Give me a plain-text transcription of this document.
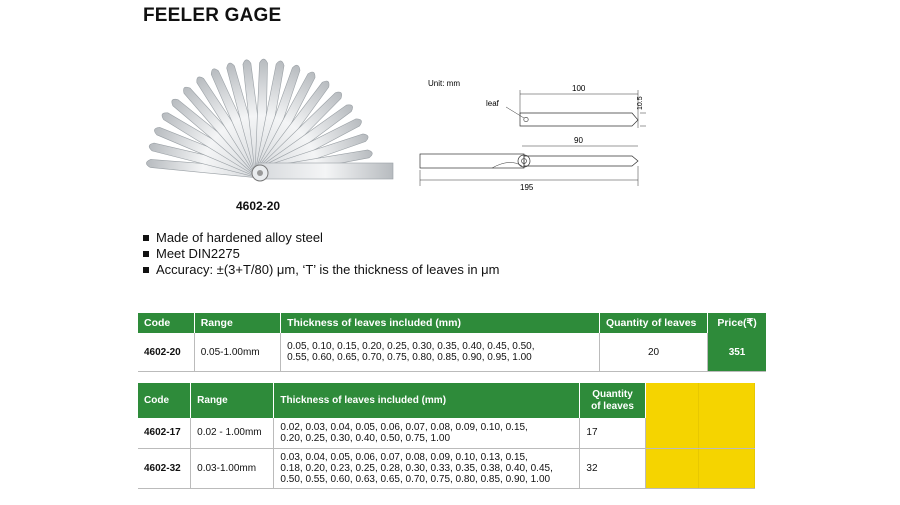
FEELER GAGE
4602-20
Unit: mm
leaf
100
10.5
90
195
Made of hardened alloy steel
Meet DIN2275
Accuracy: ±(3+T/80) μm, ‘T’ is the thickness of leaves in μm
Code	Range	Thickness of leaves included (mm)	Quantity of leaves	Price(₹)
4602-20	0.05-1.00mm	0.05, 0.10, 0.15, 0.20, 0.25, 0.30, 0.35, 0.40, 0.45, 0.50,
0.55, 0.60, 0.65, 0.70, 0.75, 0.80, 0.85, 0.90, 0.95, 1.00	20	351
Code	Range	Thickness of leaves included (mm)	Quantity
of leaves		

4602-17	0.02 - 1.00mm	0.02, 0.03, 0.04, 0.05, 0.06, 0.07, 0.08, 0.09, 0.10, 0.15,
0.20, 0.25, 0.30, 0.40, 0.50, 0.75, 1.00	17		
4602-32	0.03-1.00mm	0.03, 0.04, 0.05, 0.06, 0.07, 0.08, 0.09, 0.10, 0.13, 0.15,
0.18, 0.20, 0.23, 0.25, 0.28, 0.30, 0.33, 0.35, 0.38, 0.40, 0.45,
0.50, 0.55, 0.60, 0.63, 0.65, 0.70, 0.75, 0.80, 0.85, 0.90, 1.00	32		
